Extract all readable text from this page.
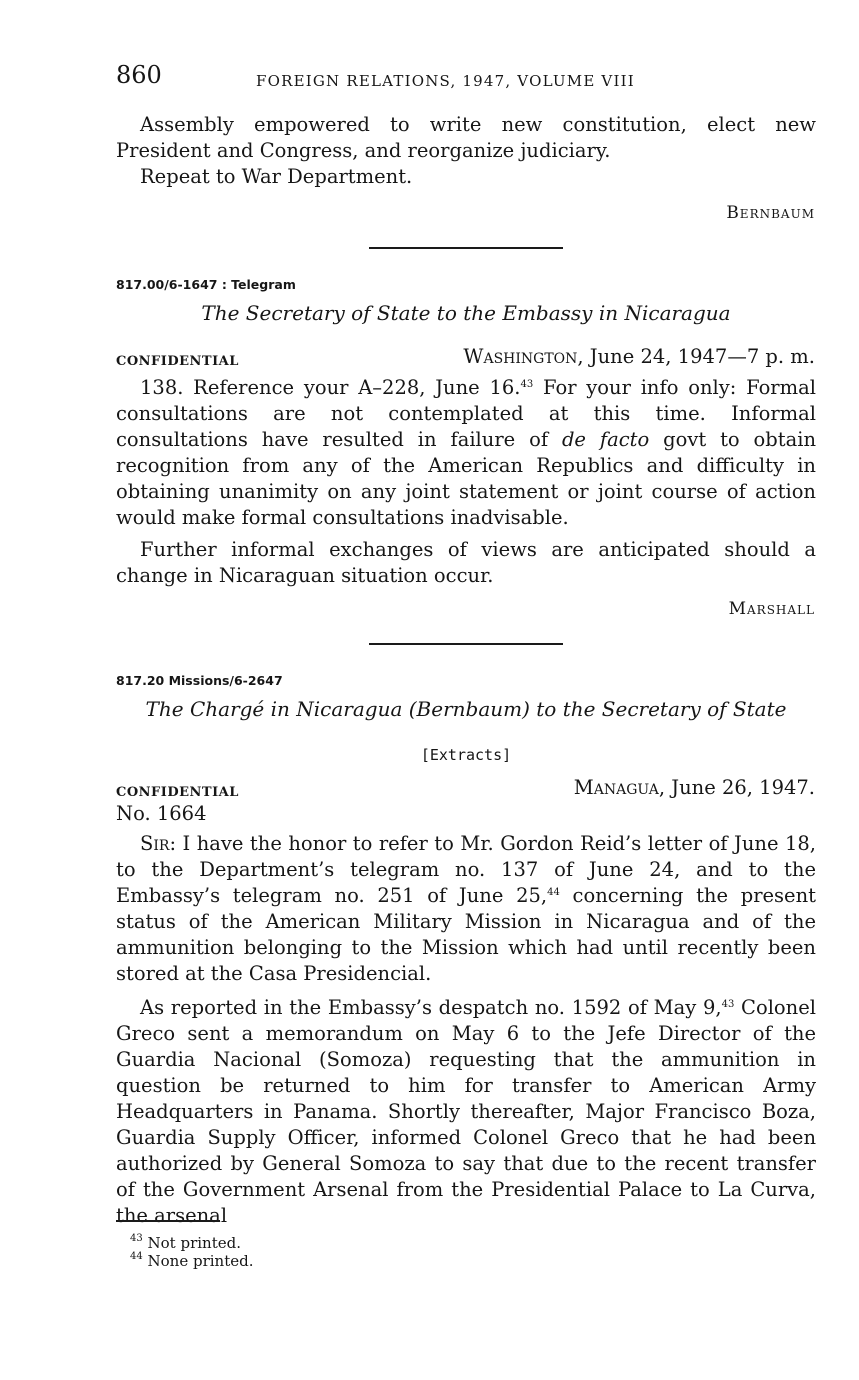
860	FOREIGN RELATIONS, 1947, VOLUME VIII

Assembly empowered to write new constitution, elect new President and Congress, and reorganize judiciary.

Repeat to War Department.

Bernbaum
817.00/6-1647 : Telegram
The Secretary of State to the Embassy in Nicaragua
CONFIDENTIAL	Washington, June 24, 1947—7 p. m.

138. Reference your A–228, June 16.43 For your info only: Formal consultations are not contemplated at this time. Informal consultations have resulted in failure of de facto govt to obtain recognition from any of the American Republics and difficulty in obtaining unanimity on any joint statement or joint course of action would make formal consultations inadvisable.

Further informal exchanges of views are anticipated should a change in Nicaraguan situation occur.

Marshall
817.20 Missions/6-2647
The Chargé in Nicaragua (Bernbaum) to the Secretary of State
[Extracts]
CONFIDENTIAL	Managua, June 26, 1947.
No. 1664

Sir: I have the honor to refer to Mr. Gordon Reid’s letter of June 18, to the Department’s telegram no. 137 of June 24, and to the Embassy’s telegram no. 251 of June 25,44 concerning the present status of the American Military Mission in Nicaragua and of the ammunition belonging to the Mission which had until recently been stored at the Casa Presidencial.

As reported in the Embassy’s despatch no. 1592 of May 9,43 Colonel Greco sent a memorandum on May 6 to the Jefe Director of the Guardia Nacional (Somoza) requesting that the ammunition in question be returned to him for transfer to American Army Headquarters in Panama. Shortly thereafter, Major Francisco Boza, Guardia Supply Officer, informed Colonel Greco that he had been authorized by General Somoza to say that due to the recent transfer of the Government Arsenal from the Presidential Palace to La Curva, the arsenal

$^{43}$ Not printed.
$^{44}$ None printed.
